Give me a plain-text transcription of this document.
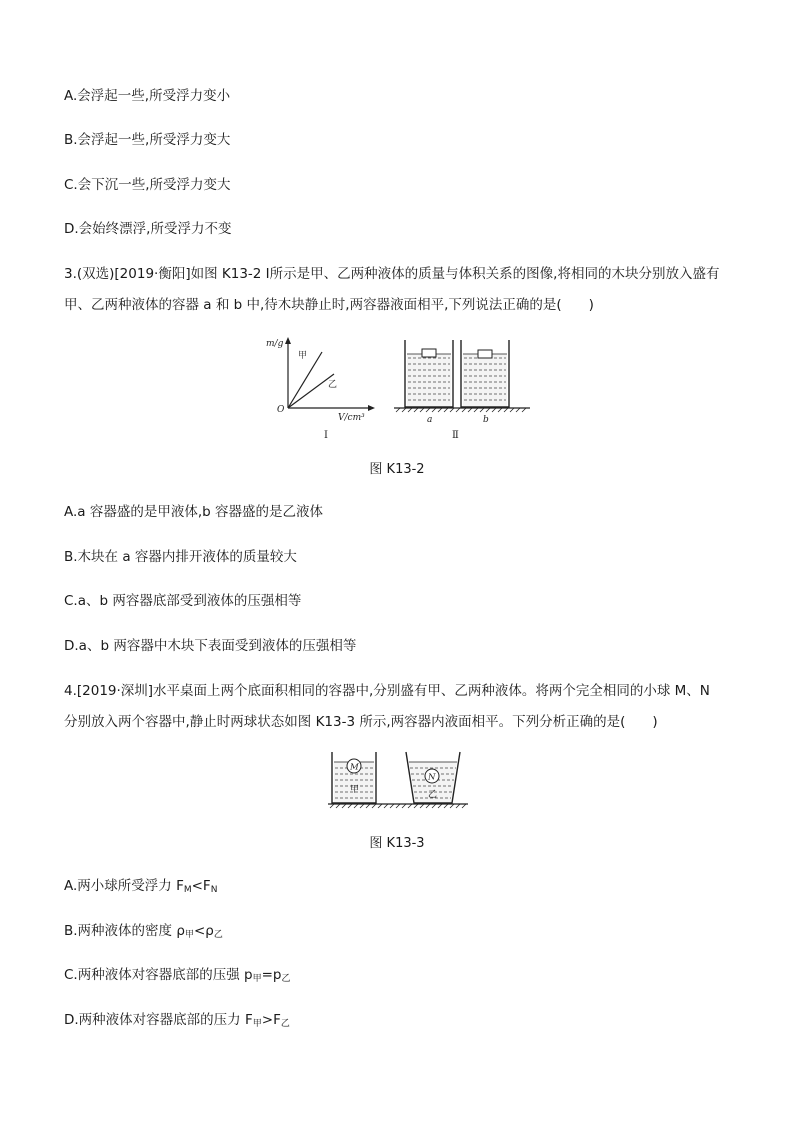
A.会浮起一些,所受浮力变小
B.会浮起一些,所受浮力变大
C.会下沉一些,所受浮力变大
D.会始终漂浮,所受浮力不变
3.(双选)[2019·衡阳]如图 K13-2 Ⅰ所示是甲、乙两种液体的质量与体积关系的图像,将相同的木块分别放入盛有
甲、乙两种液体的容器 a 和 b 中,待木块静止时,两容器液面相平,下列说法正确的是(　　)
m/g
V/cm³
O
甲
乙
Ⅰ
a	b
Ⅱ
图 K13-2
A.a 容器盛的是甲液体,b 容器盛的是乙液体
B.木块在 a 容器内排开液体的质量较大
C.a、b 两容器底部受到液体的压强相等
D.a、b 两容器中木块下表面受到液体的压强相等
4.[2019·深圳]水平桌面上两个底面积相同的容器中,分别盛有甲、乙两种液体。将两个完全相同的小球 M、N
分别放入两个容器中,静止时两球状态如图 K13-3 所示,两容器内液面相平。下列分析正确的是(　　)
M
甲
N
乙
图 K13-3
A.两小球所受浮力 $F_M<F_N$
B.两种液体的密度 $\rho_甲<\rho_乙$
C.两种液体对容器底部的压强 $p_甲=p_乙$
D.两种液体对容器底部的压力 $F_甲>F_乙$
